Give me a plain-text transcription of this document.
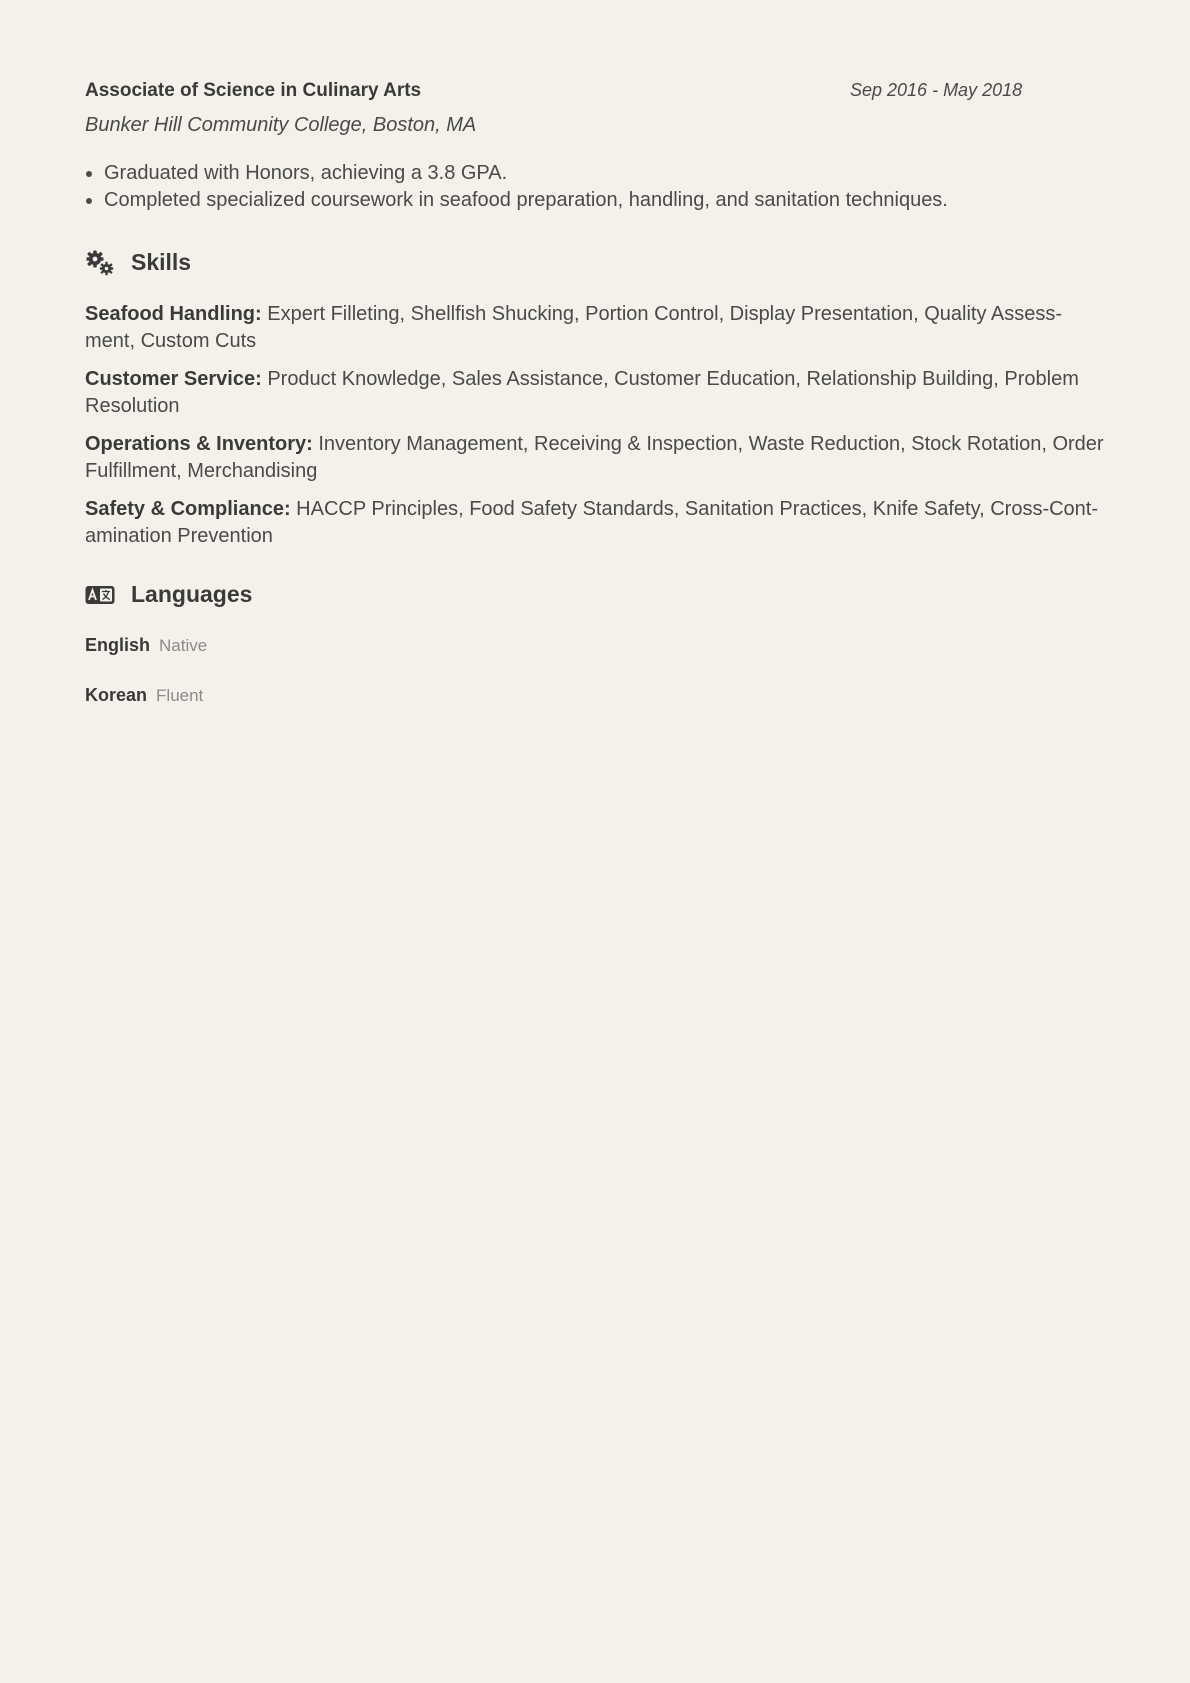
Associate of Science in Culinary Arts	Sep 2016 - May 2018
Bunker Hill Community College, Boston, MA
• Graduated with Honors, achieving a 3.8 GPA.
• Completed specialized coursework in seafood preparation, handling, and sanitation techniques.
Skills
Seafood Handling: Expert Filleting, Shellfish Shucking, Portion Control, Display Presentation, Quality Assess-ment, Custom Cuts
Customer Service: Product Knowledge, Sales Assistance, Customer Education, Relationship Building, Problem Resolution
Operations & Inventory: Inventory Management, Receiving & Inspection, Waste Reduction, Stock Rotation, Order Fulfillment, Merchandising
Safety & Compliance: HACCP Principles, Food Safety Standards, Sanitation Practices, Knife Safety, Cross-Cont-amination Prevention
Languages
English Native
Korean Fluent
